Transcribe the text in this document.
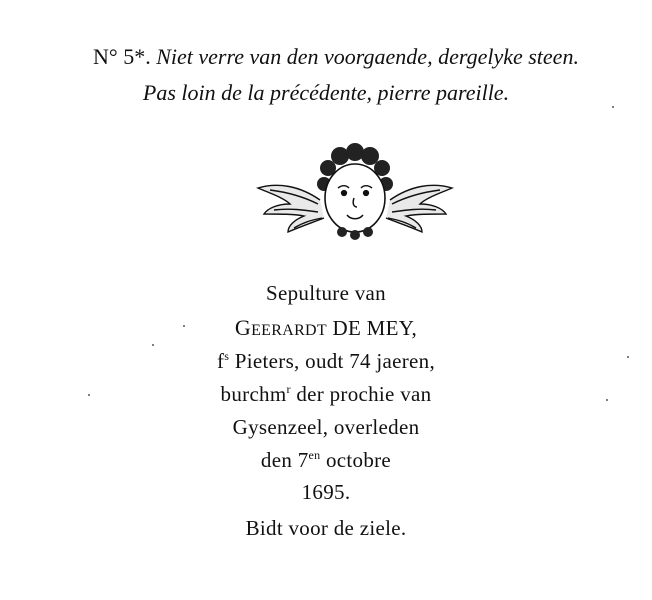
N° 5*. Niet verre van den voorgaende, dergelyke steen.
Pas loin de la précédente, pierre pareille.
Sepulture van
GEERARDT DE MEY,
$f^s$ Pieters, oudt 74 jaeren,
burchm$^r$ der prochie van
Gysenzeel, overleden
den $7^{en}$ octobre
1695.
Bidt voor de ziele.
